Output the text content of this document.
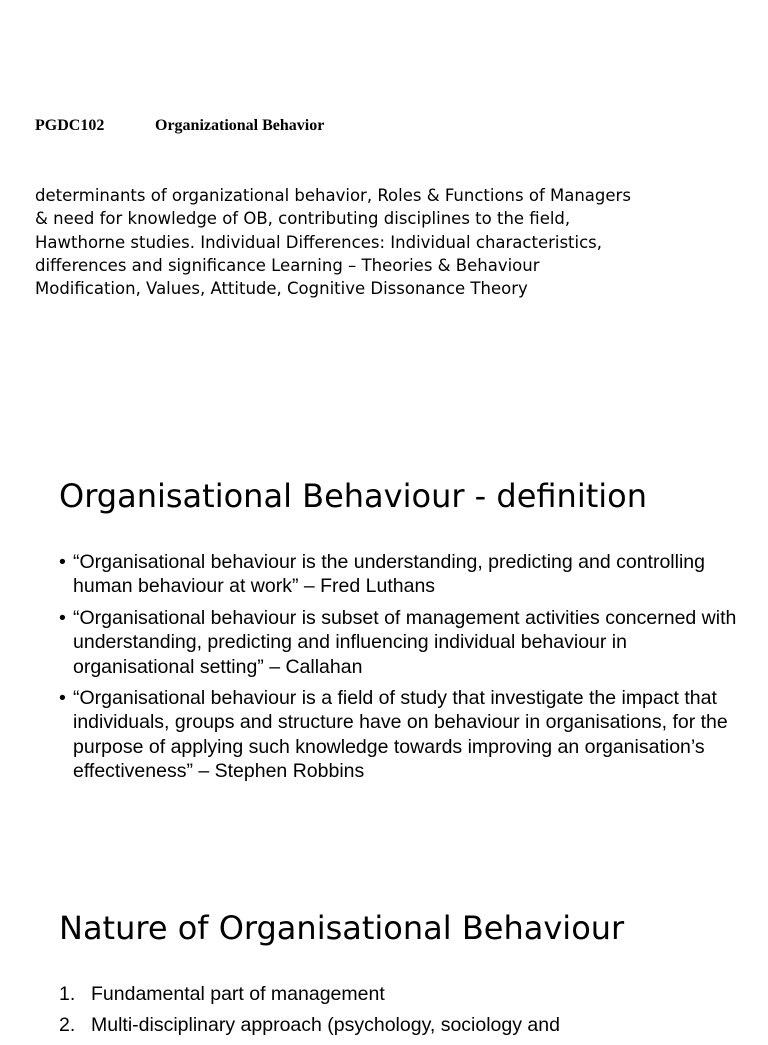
PGDC102	Organizational Behavior

determinants of organizational behavior, Roles & Functions of Managers & need for knowledge of OB, contributing disciplines to the field, Hawthorne studies. Individual Differences: Individual characteristics, differences and significance Learning – Theories & Behaviour Modification, Values, Attitude, Cognitive Dissonance Theory

Organisational Behaviour - definition
• “Organisational behaviour is the understanding, predicting and controlling human behaviour at work” – Fred Luthans
• “Organisational behaviour is subset of management activities concerned with understanding, predicting and influencing individual behaviour in organisational setting” – Callahan
• “Organisational behaviour is a field of study that investigate the impact that individuals, groups and structure have on behaviour in organisations, for the purpose of applying such knowledge towards improving an organisation’s effectiveness” – Stephen Robbins
Nature of Organisational Behaviour
1. Fundamental part of management
2. Multi-disciplinary approach (psychology, sociology and
